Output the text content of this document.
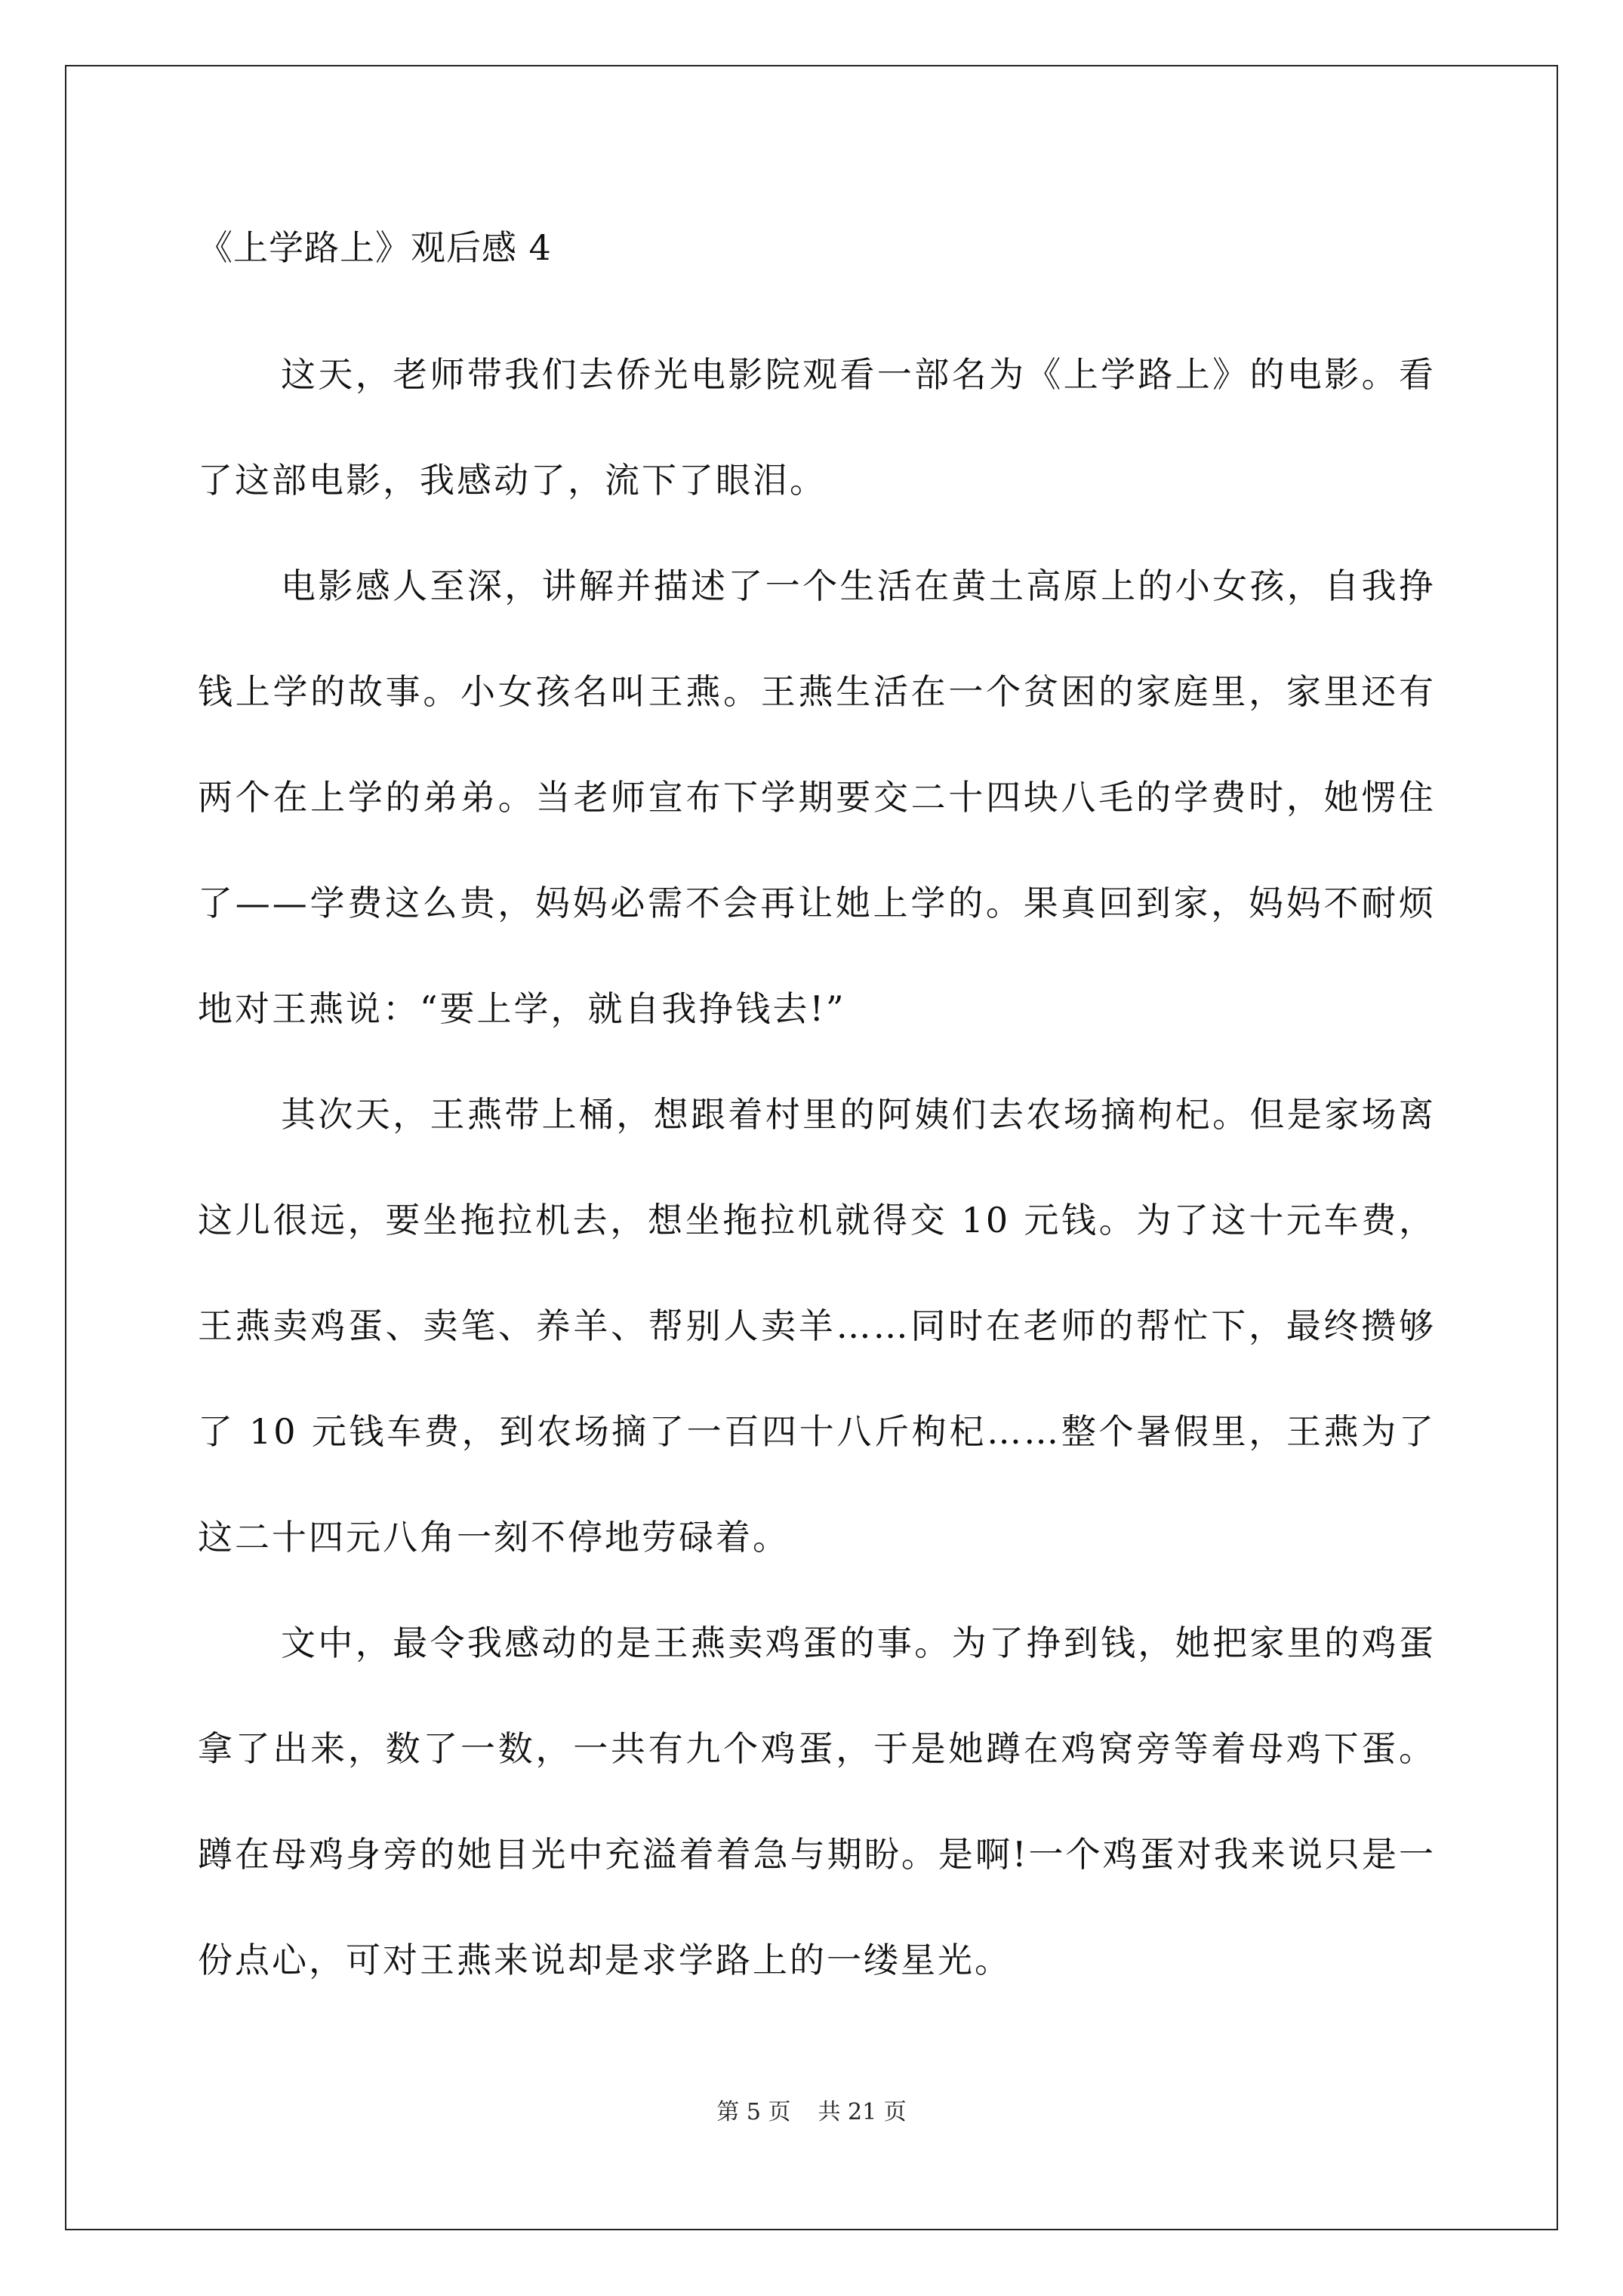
《上学路上》观后感 4

这天，老师带我们去侨光电影院观看一部名为《上学路上》的电影。看了这部电影，我感动了，流下了眼泪。

电影感人至深，讲解并描述了一个生活在黄土高原上的小女孩，自我挣钱上学的故事。小女孩名叫王燕。王燕生活在一个贫困的家庭里，家里还有两个在上学的弟弟。当老师宣布下学期要交二十四块八毛的学费时，她愣住了——学费这么贵，妈妈必需不会再让她上学的。果真回到家，妈妈不耐烦地对王燕说：“要上学，就自我挣钱去!”

其次天，王燕带上桶，想跟着村里的阿姨们去农场摘枸杞。但是家场离这儿很远，要坐拖拉机去，想坐拖拉机就得交 10 元钱。为了这十元车费，王燕卖鸡蛋、卖笔、养羊、帮别人卖羊……同时在老师的帮忙下，最终攒够了 10 元钱车费，到农场摘了一百四十八斤枸杞……整个暑假里，王燕为了这二十四元八角一刻不停地劳碌着。

文中，最令我感动的是王燕卖鸡蛋的事。为了挣到钱，她把家里的鸡蛋拿了出来，数了一数，一共有九个鸡蛋，于是她蹲在鸡窝旁等着母鸡下蛋。蹲在母鸡身旁的她目光中充溢着着急与期盼。是啊!一个鸡蛋对我来说只是一份点心，可对王燕来说却是求学路上的一缕星光。

第 5 页 共 21 页
